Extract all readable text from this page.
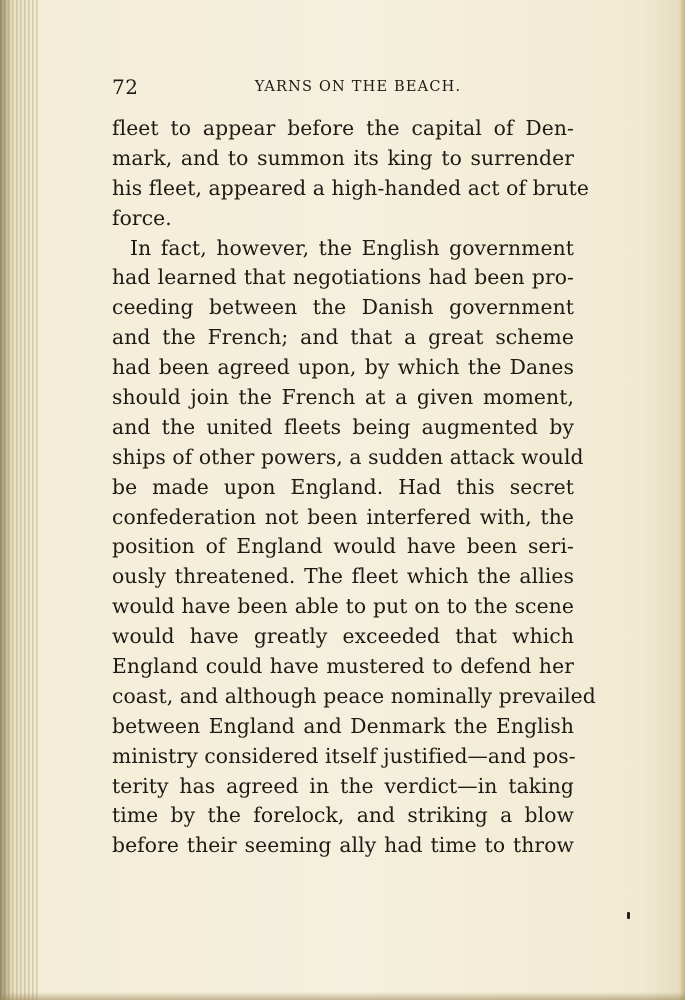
72	YARNS ON THE BEACH.
fleet to appear before the capital of Den-
mark, and to summon its king to surrender
his fleet, appeared a high-handed act of brute
force.
In fact, however, the English government
had learned that negotiations had been pro-
ceeding between the Danish government
and the French; and that a great scheme
had been agreed upon, by which the Danes
should join the French at a given moment,
and the united fleets being augmented by
ships of other powers, a sudden attack would
be made upon England. Had this secret
confederation not been interfered with, the
position of England would have been seri-
ously threatened. The fleet which the allies
would have been able to put on to the scene
would have greatly exceeded that which
England could have mustered to defend her
coast, and although peace nominally prevailed
between England and Denmark the English
ministry considered itself justified—and pos-
terity has agreed in the verdict—in taking
time by the forelock, and striking a blow
before their seeming ally had time to throw
